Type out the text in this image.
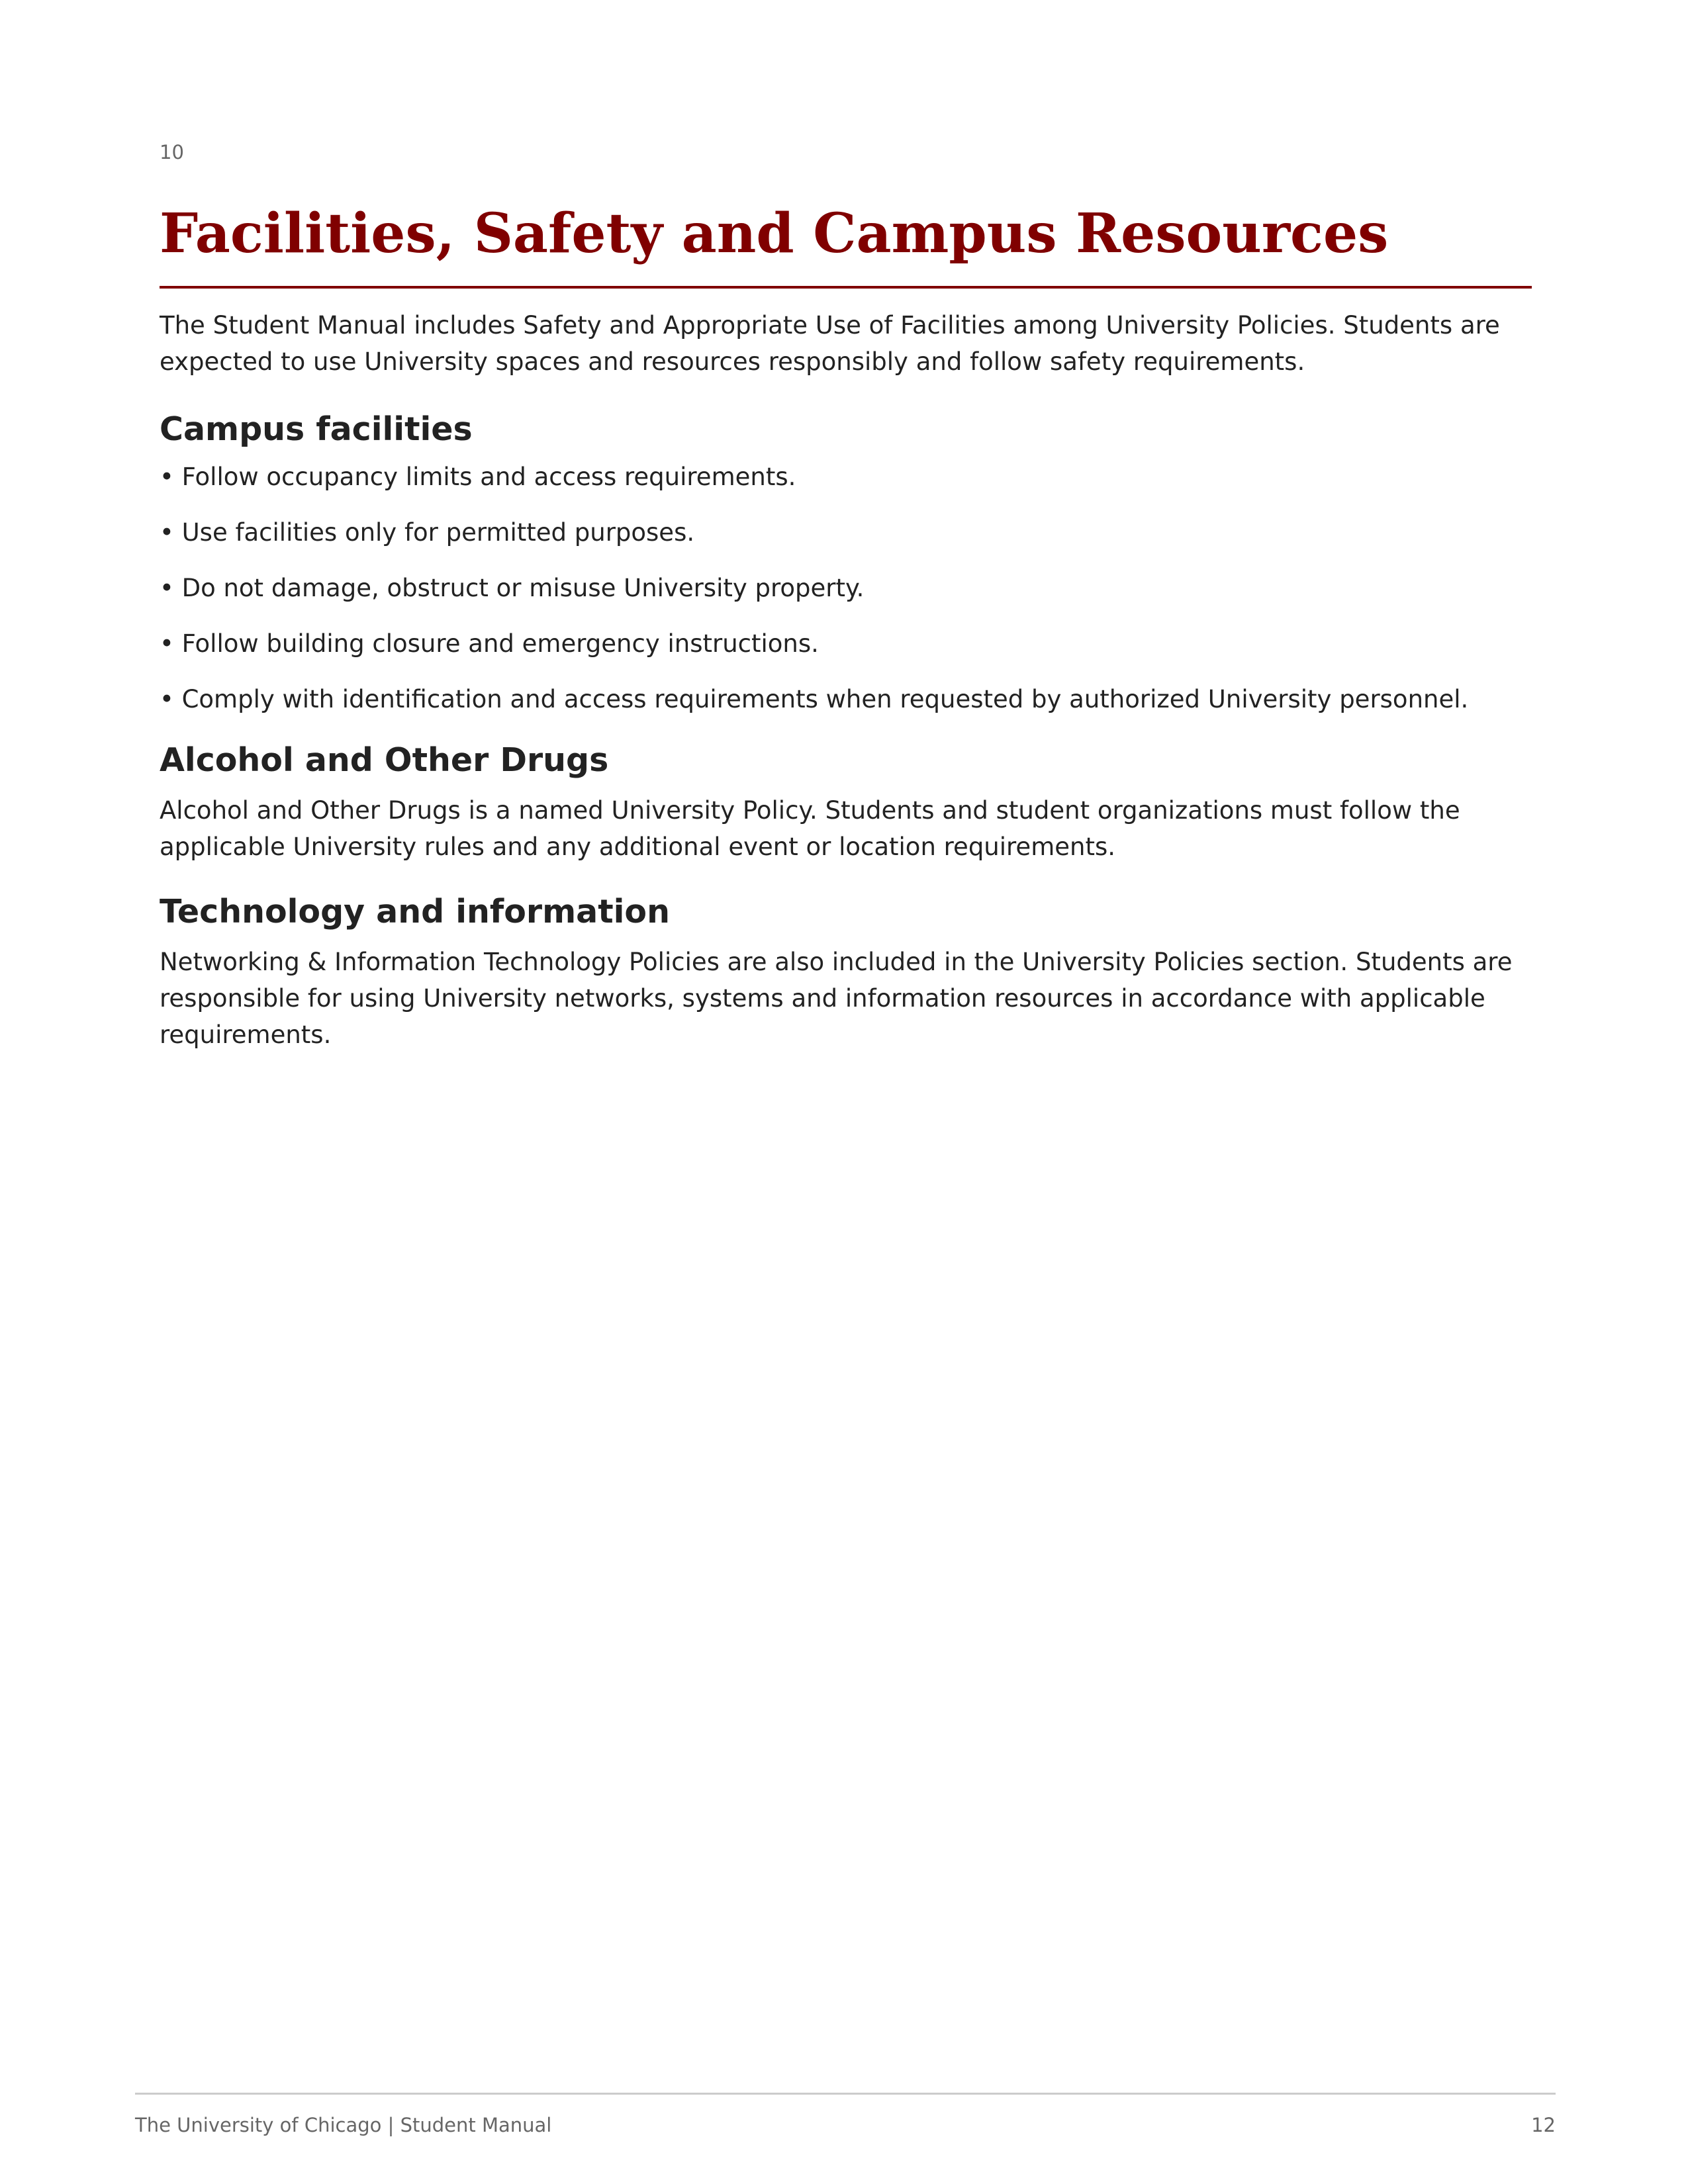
10

Facilities, Safety and Campus Resources

The Student Manual includes Safety and Appropriate Use of Facilities among University Policies. Students are expected to use University spaces and resources responsibly and follow safety requirements.

Campus facilities
• Follow occupancy limits and access requirements.
• Use facilities only for permitted purposes.
• Do not damage, obstruct or misuse University property.
• Follow building closure and emergency instructions.
• Comply with identification and access requirements when requested by authorized University personnel.
Alcohol and Other Drugs

Alcohol and Other Drugs is a named University Policy. Students and student organizations must follow the applicable University rules and any additional event or location requirements.

Technology and information

Networking & Information Technology Policies are also included in the University Policies section. Students are responsible for using University networks, systems and information resources in accordance with applicable requirements.

The University of Chicago | Student Manual	12
